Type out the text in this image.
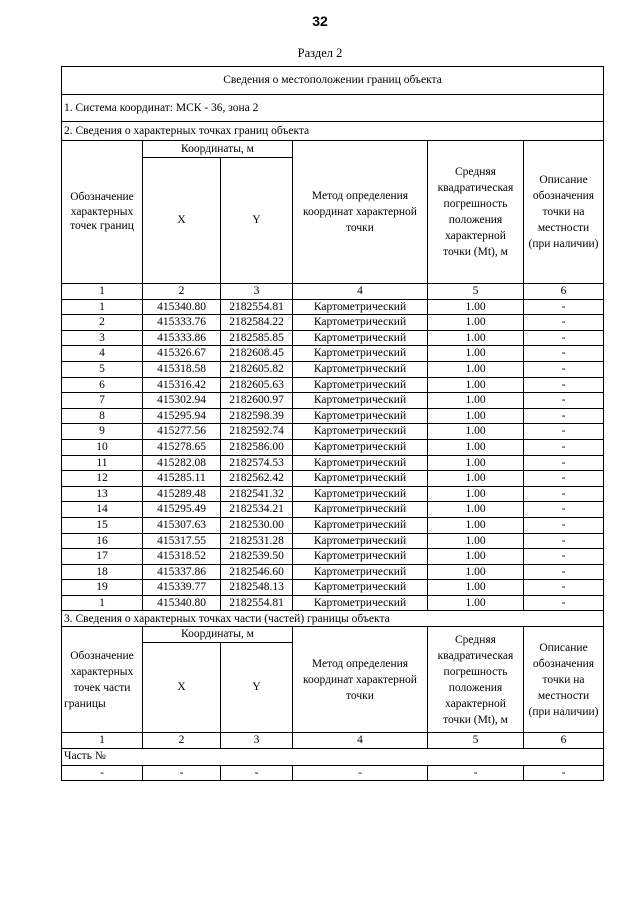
32
Раздел 2
Сведения о местоположении границ объекта					
1. Система координат: МСК - 36, зона 2					
2. Сведения о характерных точках границ объекта					
Обозначение характерных точек границ	Координаты, м		Метод определения координат характерной точки	Средняя квадратическая погрешность положения характерной точки (Mt), м	Описание обозначения точки на местности (при наличии)
	X	Y			
1	2	3	4	5	6
1	415340.80	2182554.81	Картометрический	1.00	-
2	415333.76	2182584.22	Картометрический	1.00	-
3	415333.86	2182585.85	Картометрический	1.00	-
4	415326.67	2182608.45	Картометрический	1.00	-
5	415318.58	2182605.82	Картометрический	1.00	-
6	415316.42	2182605.63	Картометрический	1.00	-
7	415302.94	2182600.97	Картометрический	1.00	-
8	415295.94	2182598.39	Картометрический	1.00	-
9	415277.56	2182592.74	Картометрический	1.00	-
10	415278.65	2182586.00	Картометрический	1.00	-
11	415282.08	2182574.53	Картометрический	1.00	-
12	415285.11	2182562.42	Картометрический	1.00	-
13	415289.48	2182541.32	Картометрический	1.00	-
14	415295.49	2182534.21	Картометрический	1.00	-
15	415307.63	2182530.00	Картометрический	1.00	-
16	415317.55	2182531.28	Картометрический	1.00	-
17	415318.52	2182539.50	Картометрический	1.00	-
18	415337.86	2182546.60	Картометрический	1.00	-
19	415339.77	2182548.13	Картометрический	1.00	-
1	415340.80	2182554.81	Картометрический	1.00	-
3. Сведения о характерных точках части (частей) границы объекта					
Обозначение характерных точек части границы	Координаты, м		Метод определения координат характерной точки	Средняя квадратическая погрешность положения характерной точки (Mt), м	Описание обозначения точки на местности (при наличии)
	X	Y			
1	2	3	4	5	6
Часть №					
-	-	-	-	-	-
